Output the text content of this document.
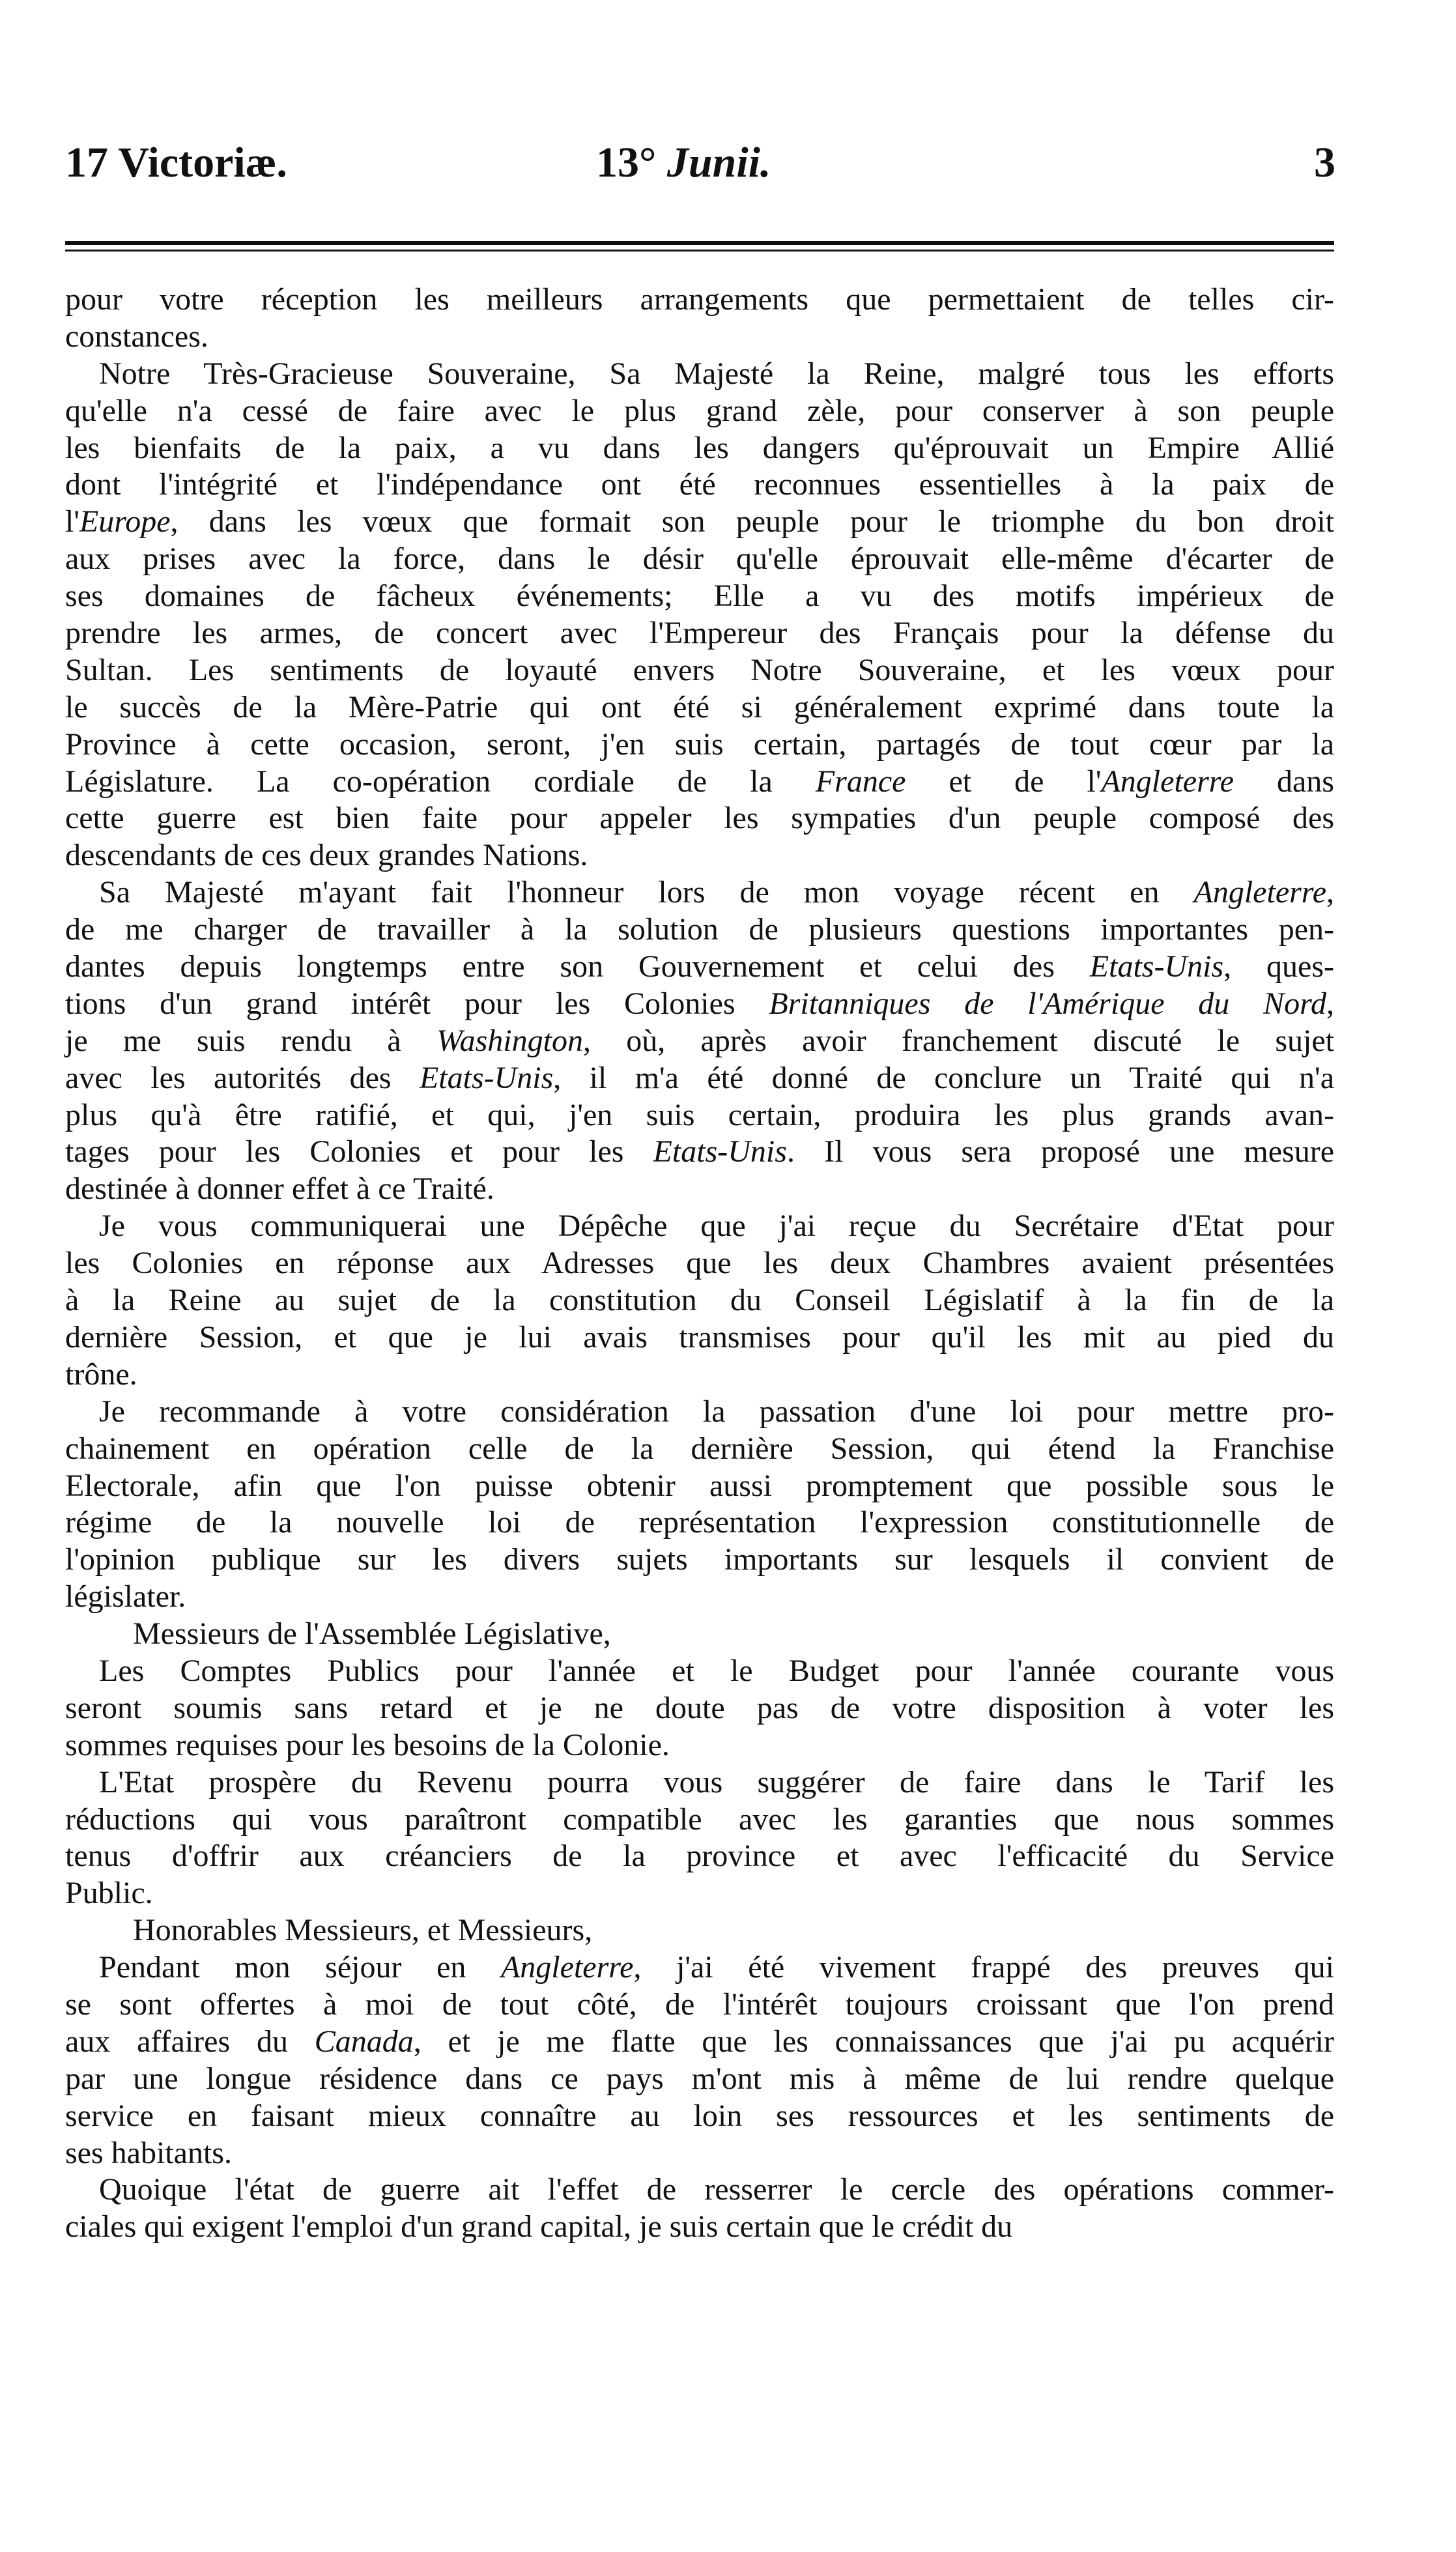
17 Victoriæ.	13° Junii.	3
pour votre réception les meilleurs arrangements que permettaient de telles cir-
constances.
Notre Très-Gracieuse Souveraine, Sa Majesté la Reine, malgré tous les efforts
qu'elle n'a cessé de faire avec le plus grand zèle, pour conserver à son peuple
les bienfaits de la paix, a vu dans les dangers qu'éprouvait un Empire Allié
dont l'intégrité et l'indépendance ont été reconnues essentielles à la paix de
l'Europe, dans les vœux que formait son peuple pour le triomphe du bon droit
aux prises avec la force, dans le désir qu'elle éprouvait elle-même d'écarter de
ses domaines de fâcheux événements; Elle a vu des motifs impérieux de
prendre les armes, de concert avec l'Empereur des Français pour la défense du
Sultan. Les sentiments de loyauté envers Notre Souveraine, et les vœux pour
le succès de la Mère-Patrie qui ont été si généralement exprimé dans toute la
Province à cette occasion, seront, j'en suis certain, partagés de tout cœur par la
Législature. La co-opération cordiale de la France et de l'Angleterre dans
cette guerre est bien faite pour appeler les sympaties d'un peuple composé des
descendants de ces deux grandes Nations.
Sa Majesté m'ayant fait l'honneur lors de mon voyage récent en Angleterre,
de me charger de travailler à la solution de plusieurs questions importantes pen-
dantes depuis longtemps entre son Gouvernement et celui des Etats-Unis, ques-
tions d'un grand intérêt pour les Colonies Britanniques de l'Amérique du Nord,
je me suis rendu à Washington, où, après avoir franchement discuté le sujet
avec les autorités des Etats-Unis, il m'a été donné de conclure un Traité qui n'a
plus qu'à être ratifié, et qui, j'en suis certain, produira les plus grands avan-
tages pour les Colonies et pour les Etats-Unis. Il vous sera proposé une mesure
destinée à donner effet à ce Traité.
Je vous communiquerai une Dépêche que j'ai reçue du Secrétaire d'Etat pour
les Colonies en réponse aux Adresses que les deux Chambres avaient présentées
à la Reine au sujet de la constitution du Conseil Législatif à la fin de la
dernière Session, et que je lui avais transmises pour qu'il les mit au pied du
trône.
Je recommande à votre considération la passation d'une loi pour mettre pro-
chainement en opération celle de la dernière Session, qui étend la Franchise
Electorale, afin que l'on puisse obtenir aussi promptement que possible sous le
régime de la nouvelle loi de représentation l'expression constitutionnelle de
l'opinion publique sur les divers sujets importants sur lesquels il convient de
législater.
Messieurs de l'Assemblée Législative,
Les Comptes Publics pour l'année et le Budget pour l'année courante vous
seront soumis sans retard et je ne doute pas de votre disposition à voter les
sommes requises pour les besoins de la Colonie.
L'Etat prospère du Revenu pourra vous suggérer de faire dans le Tarif les
réductions qui vous paraîtront compatible avec les garanties que nous sommes
tenus d'offrir aux créanciers de la province et avec l'efficacité du Service
Public.
Honorables Messieurs, et Messieurs,
Pendant mon séjour en Angleterre, j'ai été vivement frappé des preuves qui
se sont offertes à moi de tout côté, de l'intérêt toujours croissant que l'on prend
aux affaires du Canada, et je me flatte que les connaissances que j'ai pu acquérir
par une longue résidence dans ce pays m'ont mis à même de lui rendre quelque
service en faisant mieux connaître au loin ses ressources et les sentiments de
ses habitants.
Quoique l'état de guerre ait l'effet de resserrer le cercle des opérations commer-
ciales qui exigent l'emploi d'un grand capital, je suis certain que le crédit du
